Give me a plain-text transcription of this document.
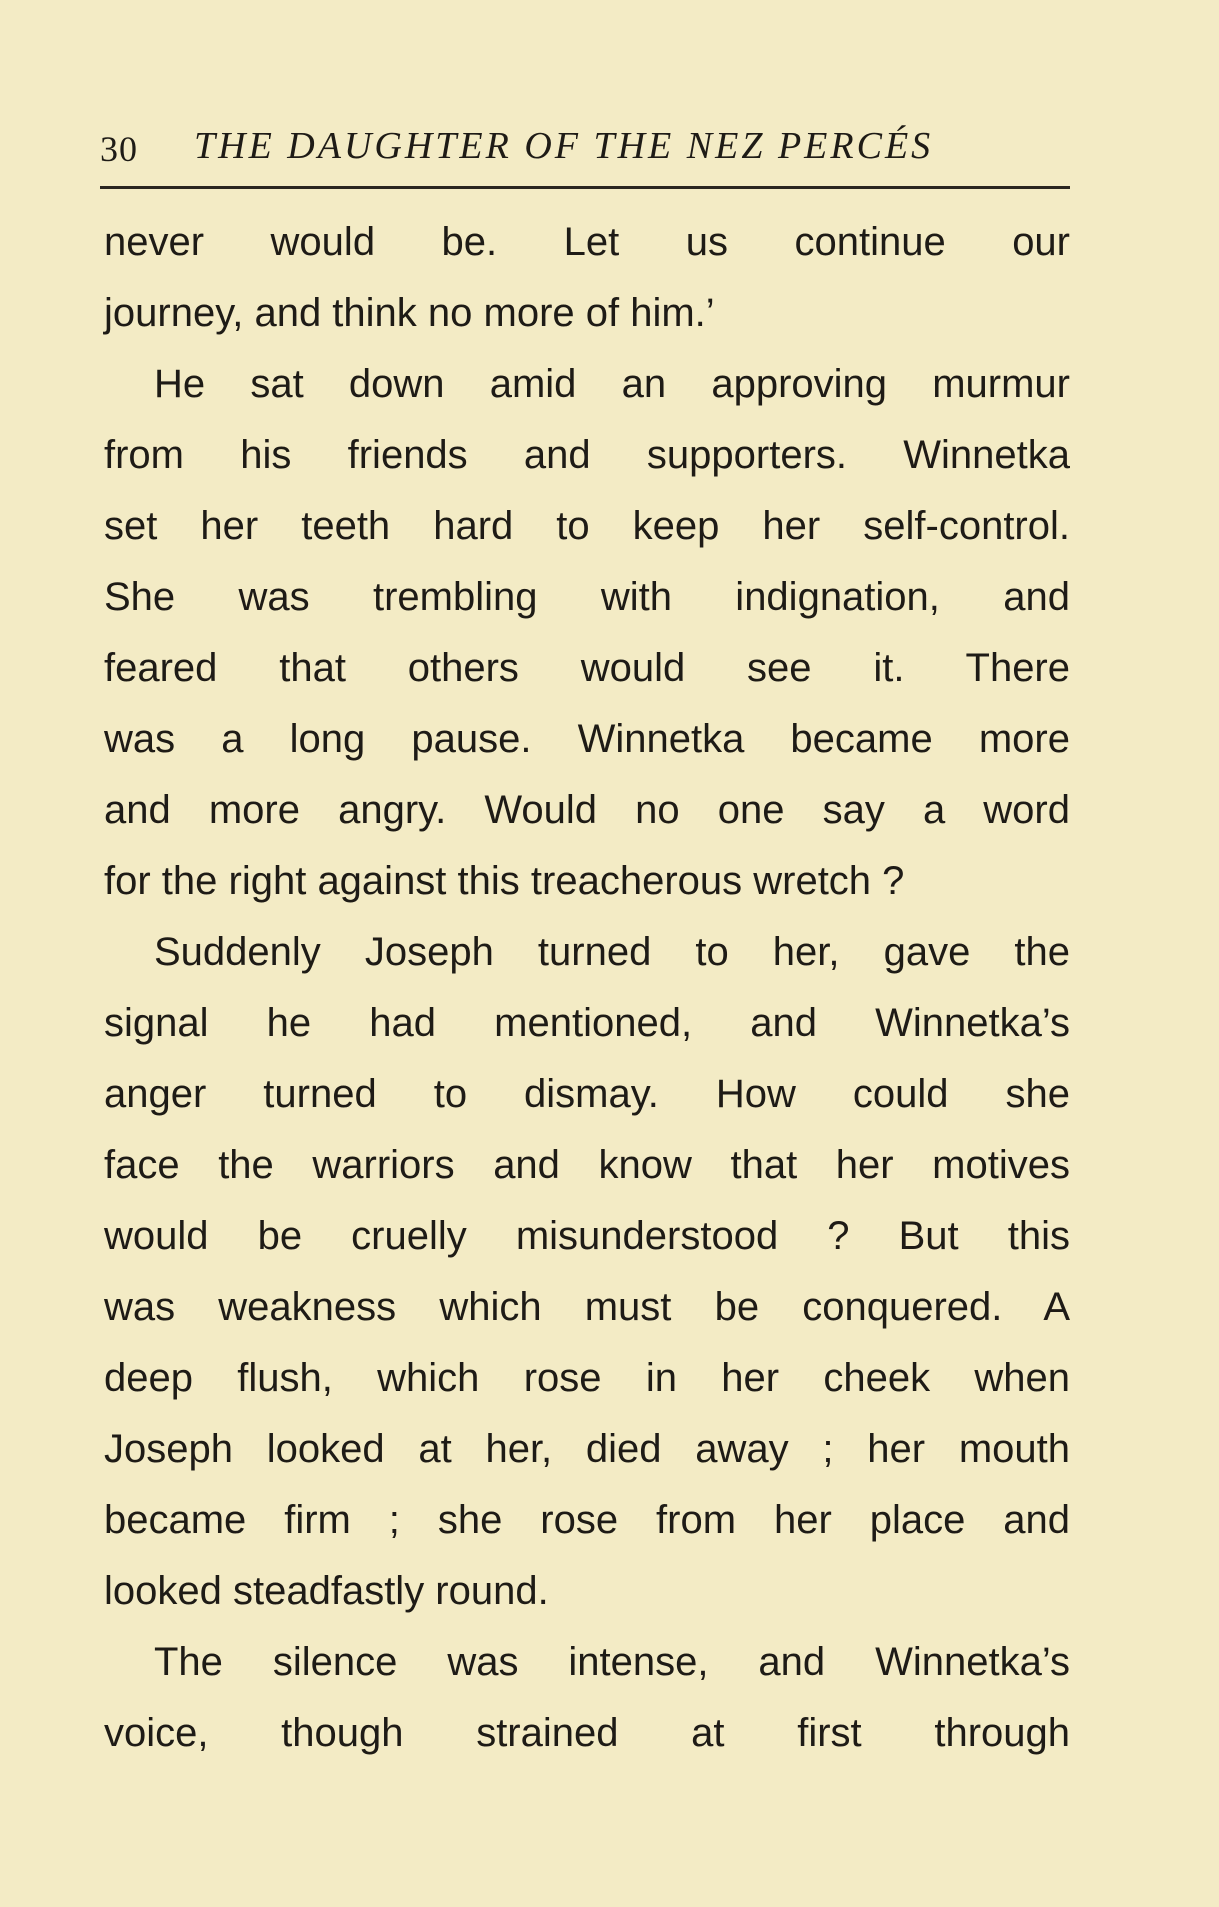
30 THE DAUGHTER OF THE NEZ PERCÉS
never would be. Let us continue our
journey, and think no more of him.’
He sat down amid an approving murmur
from his friends and supporters. Winnetka
set her teeth hard to keep her self-control.
She was trembling with indignation, and
feared that others would see it. There
was a long pause. Winnetka became more
and more angry. Would no one say a word
for the right against this treacherous wretch ?
Suddenly Joseph turned to her, gave the
signal he had mentioned, and Winnetka’s
anger turned to dismay. How could she
face the warriors and know that her motives
would be cruelly misunderstood ? But this
was weakness which must be conquered. A
deep flush, which rose in her cheek when
Joseph looked at her, died away ; her mouth
became firm ; she rose from her place and
looked steadfastly round.
The silence was intense, and Winnetka’s
voice, though strained at first through
